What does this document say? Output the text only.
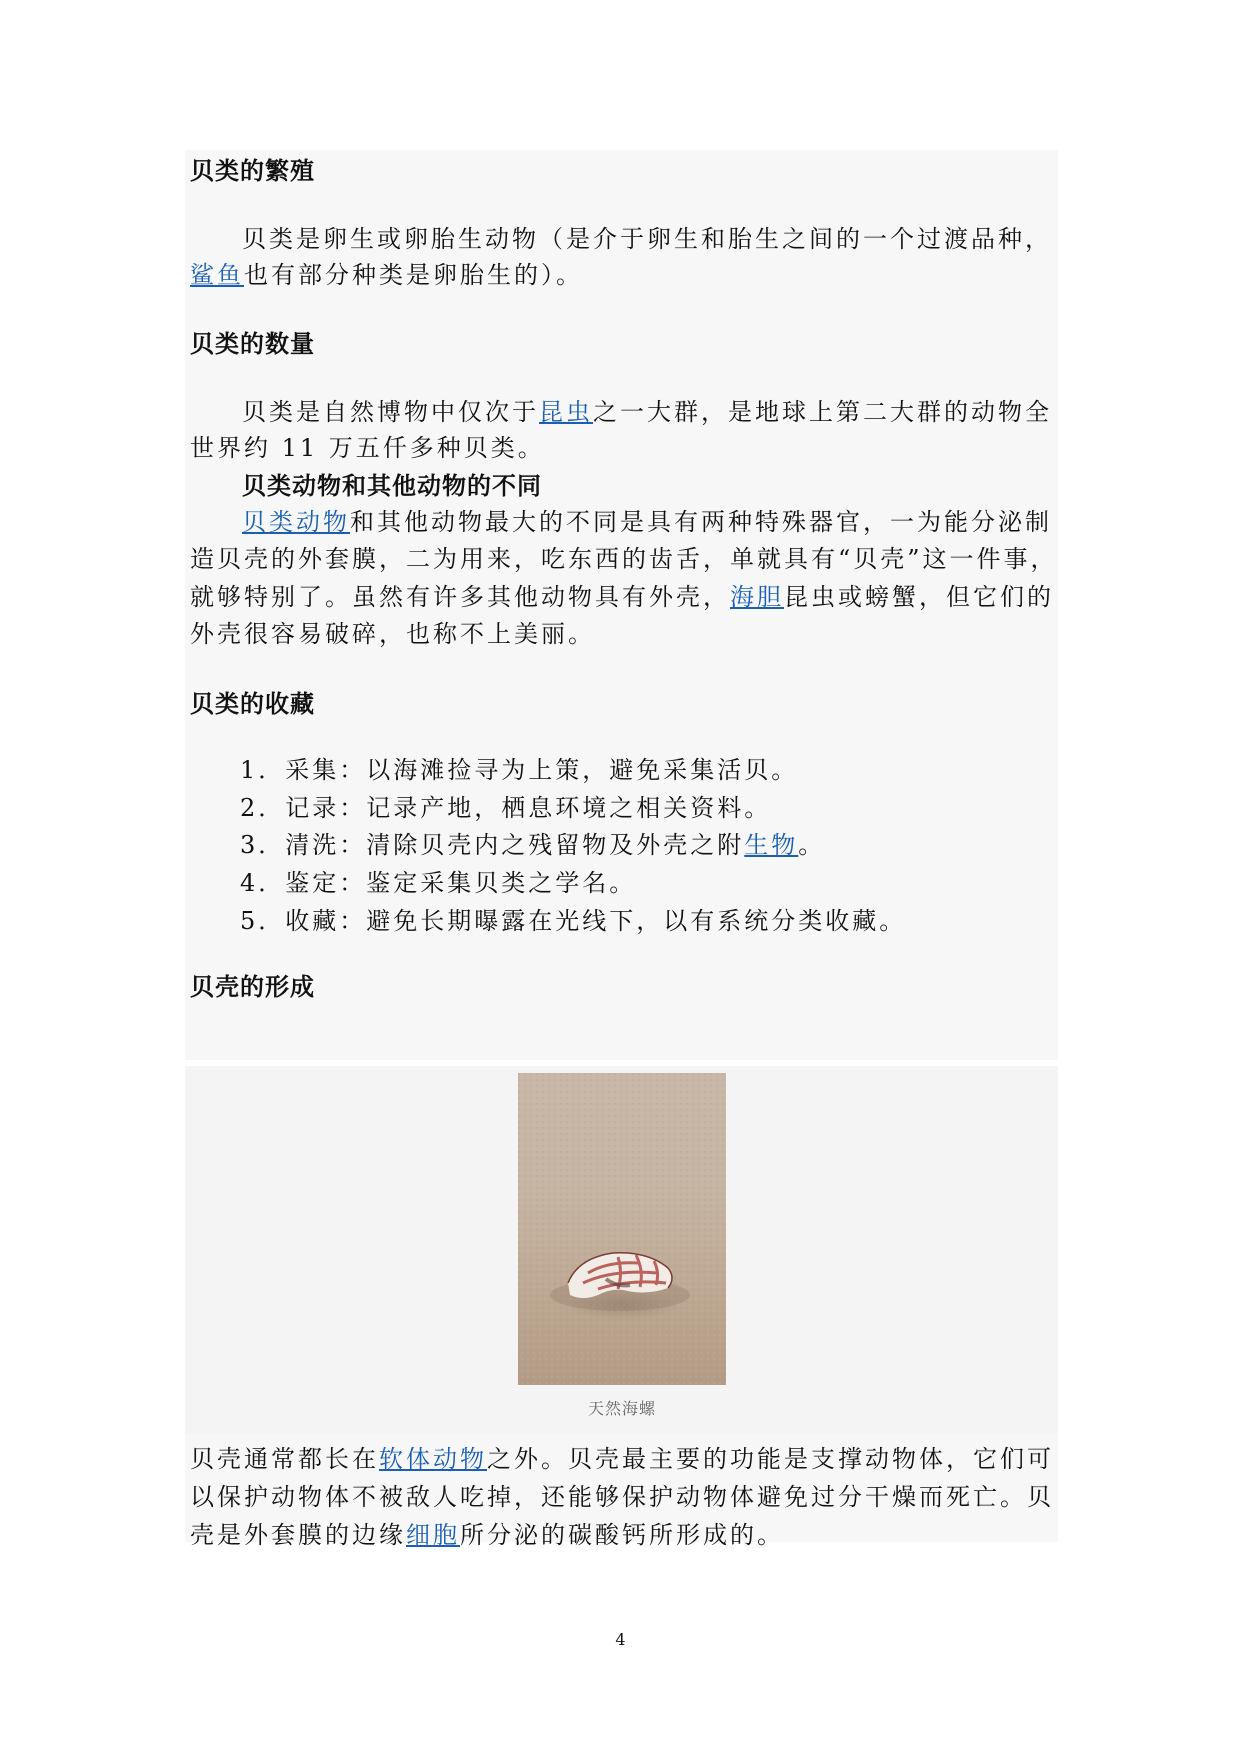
贝类的繁殖
贝类是卵生或卵胎生动物（是介于卵生和胎生之间的一个过渡品种，
鲨鱼也有部分种类是卵胎生的）。
贝类的数量
贝类是自然博物中仅次于昆虫之一大群，是地球上第二大群的动物全
世界约 11 万五仟多种贝类。
贝类动物和其他动物的不同
贝类动物和其他动物最大的不同是具有两种特殊器官，一为能分泌制
造贝壳的外套膜，二为用来，吃东西的齿舌，单就具有“贝壳”这一件事，
就够特别了。虽然有许多其他动物具有外壳，海胆昆虫或螃蟹，但它们的
外壳很容易破碎，也称不上美丽。
贝类的收藏
1．采集：以海滩捡寻为上策，避免采集活贝。
2．记录：记录产地，栖息环境之相关资料。
3．清洗：清除贝壳内之残留物及外壳之附生物。
4．鉴定：鉴定采集贝类之学名。
5．收藏：避免长期曝露在光线下，以有系统分类收藏。
贝壳的形成
天然海螺
贝壳通常都长在软体动物之外。贝壳最主要的功能是支撑动物体，它们可
以保护动物体不被敌人吃掉，还能够保护动物体避免过分干燥而死亡。贝
壳是外套膜的边缘细胞所分泌的碳酸钙所形成的。
4
